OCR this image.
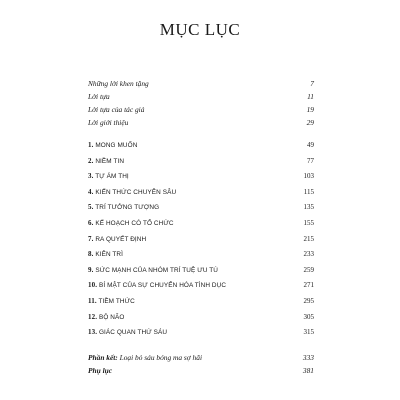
MỤC LỤC
Những lời khen tặng	7
Lời tựa	11
Lời tựa của tác giả	19
Lời giới thiệu	29
1. MONG MUỐN	49
2. NIỀM TIN	77
3. TỰ ÁM THỊ	103
4. KIẾN THỨC CHUYÊN SÂU	115
5. TRÍ TƯỞNG TƯỢNG	135
6. KẾ HOẠCH CÓ TỔ CHỨC	155
7. RA QUYẾT ĐỊNH	215
8. KIÊN TRÌ	233
9. SỨC MẠNH CỦA NHÓM TRÍ TUỆ ƯU TÚ	259
10. BÍ MẬT CỦA SỰ CHUYỂN HÓA TÌNH DỤC	271
11. TIỀM THỨC	295
12. BỘ NÃO	305
13. GIÁC QUAN THỨ SÁU	315
Phần kết: Loại bỏ sáu bóng ma sợ hãi	333
Phụ lục	381
